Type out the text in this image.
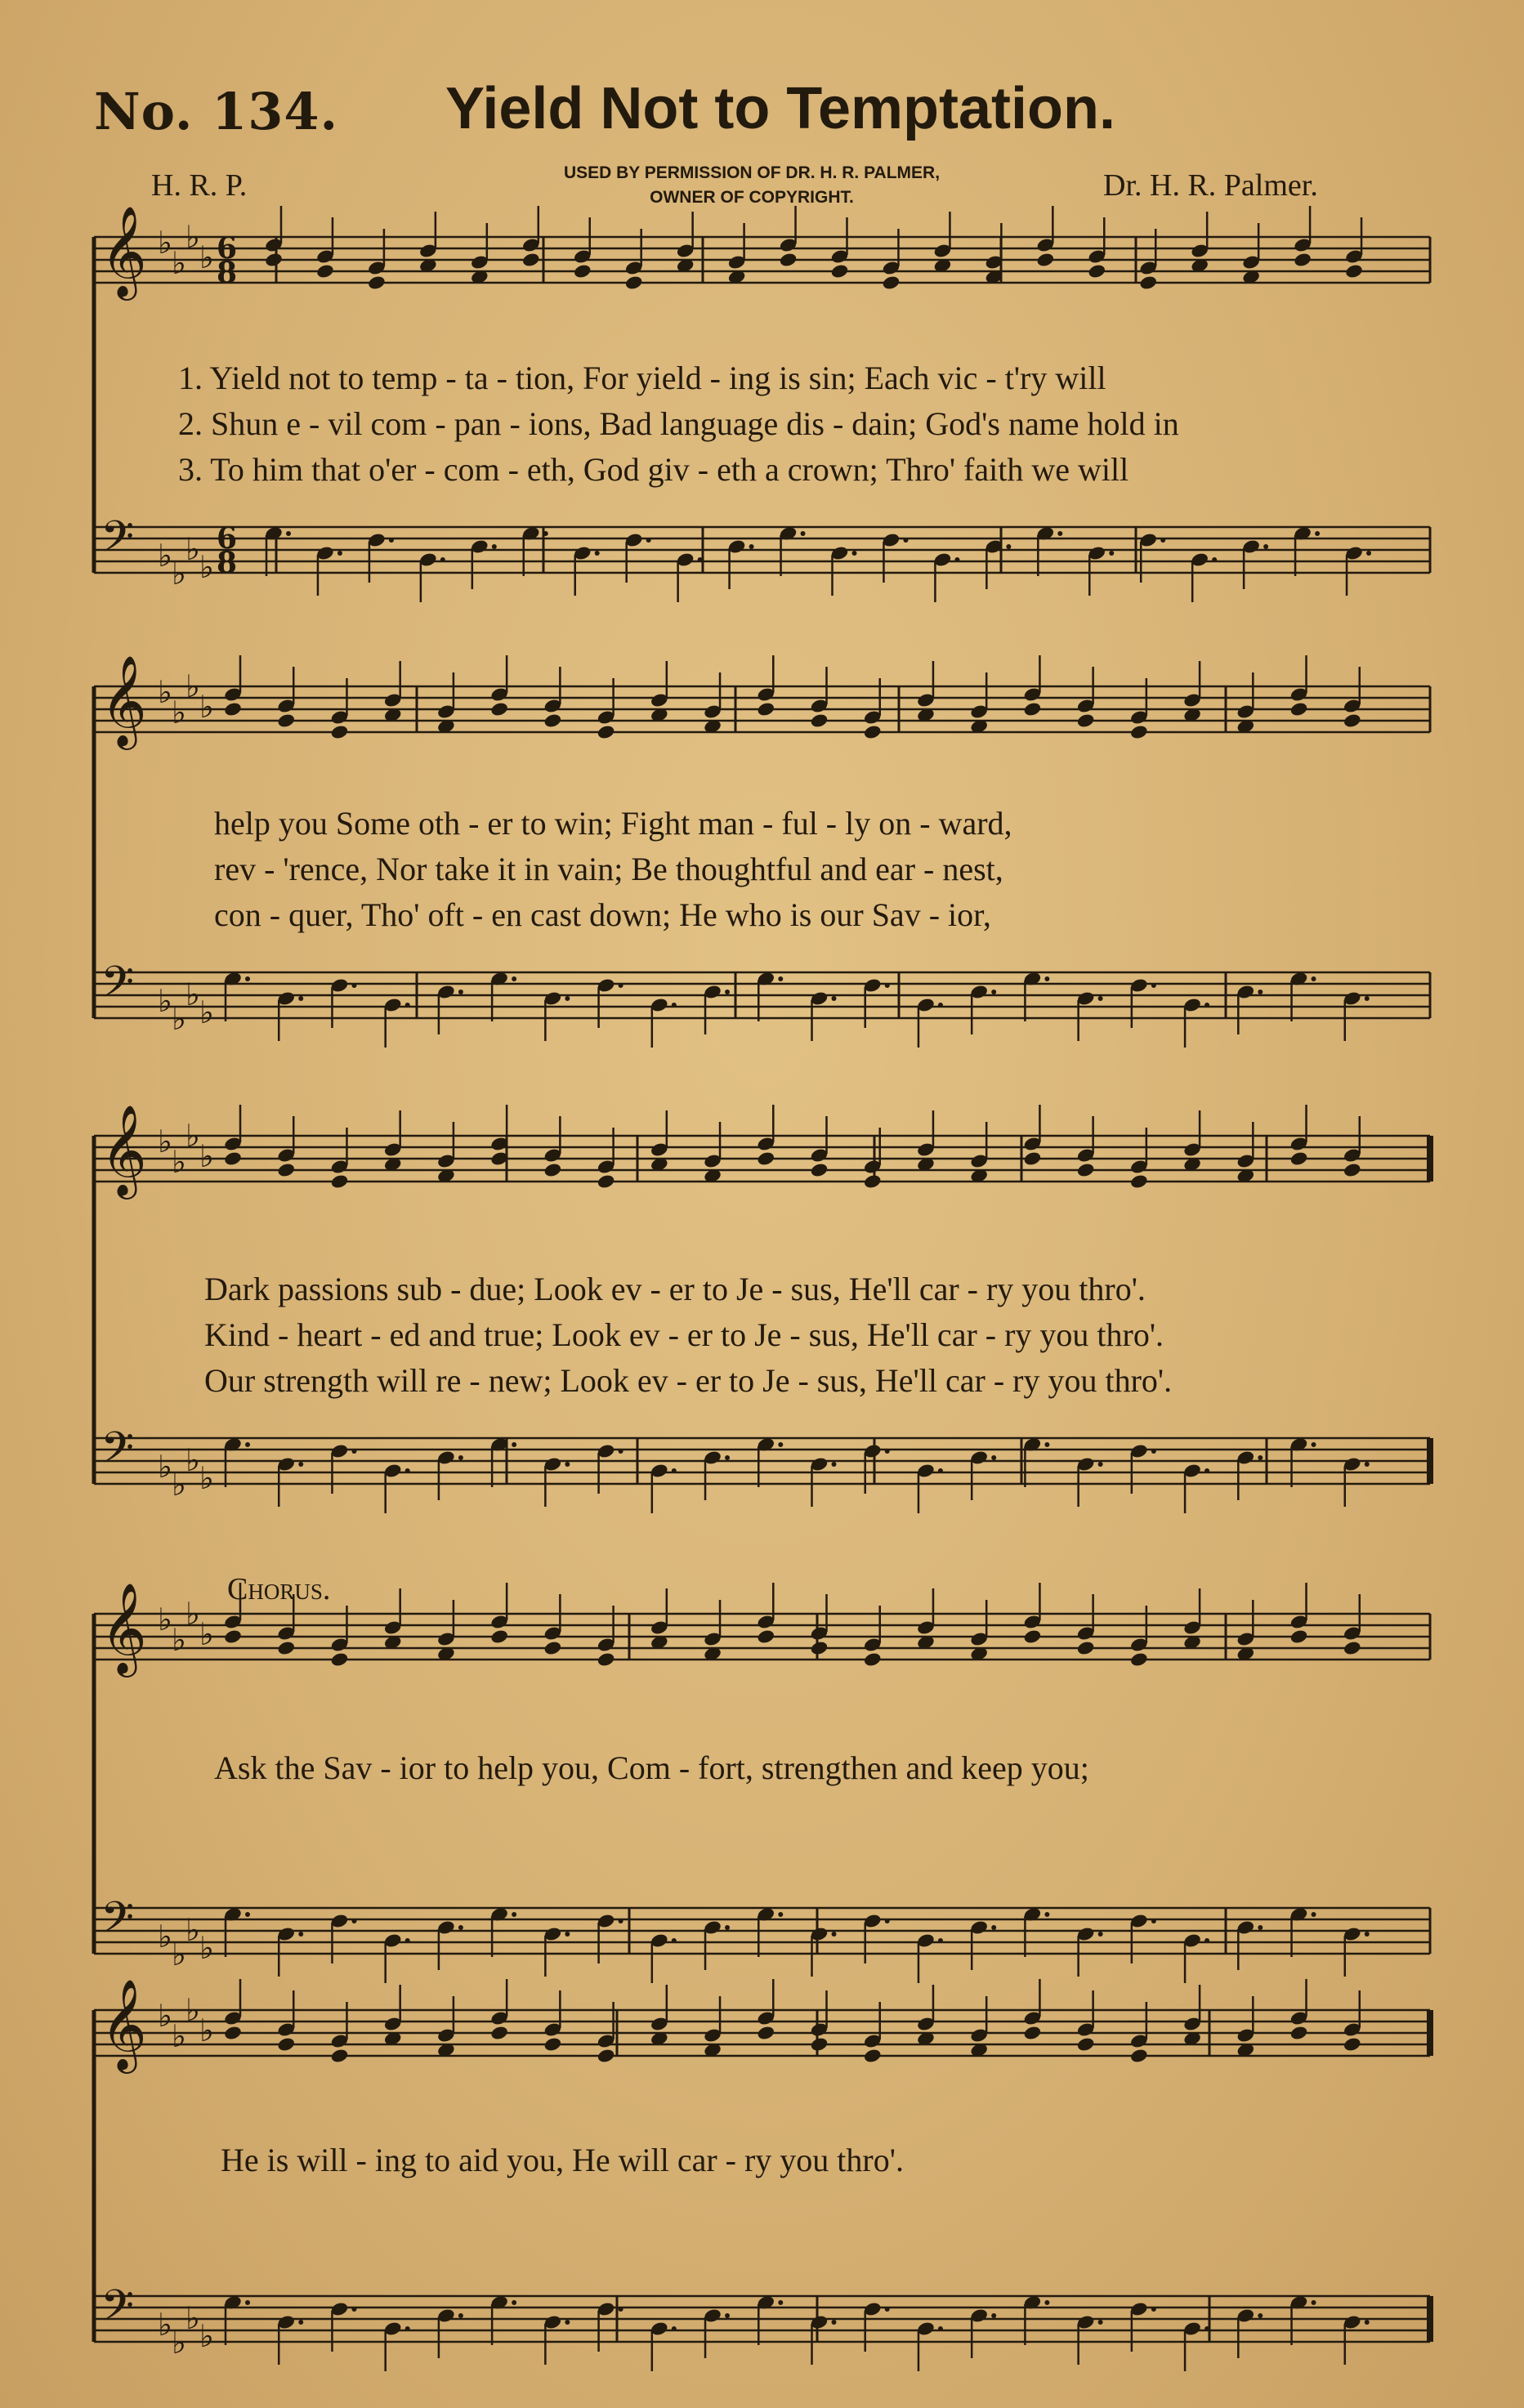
No. 134. Yield Not to Temptation.
H. R. P.	USED BY PERMISSION OF DR. H. R. PALMER,
OWNER OF COPYRIGHT.	Dr. H. R. Palmer.
𝄞 ♭
♭
♭
♭
𝄢 ♭ ♭
♭ ♭
6
8
6
8
𝄞 ♭
♭
♭
♭
𝄢 ♭ ♭
♭ ♭
𝄞 ♭
♭
♭
♭
𝄢 ♭ ♭
♭ ♭
𝄞 ♭
♭
♭
♭
𝄢 ♭ ♭
♭ ♭
𝄞 ♭
♭
♭
♭
𝄢 ♭ ♭
♭ ♭
1. Yield not to temp - ta - tion, For yield - ing is sin; Each vic - t'ry will
2. Shun e - vil com - pan - ions, Bad language dis - dain; God's name hold in
3. To him that o'er - com - eth, God giv - eth a crown; Thro' faith we will
help you Some oth - er to win; Fight man - ful - ly on - ward,
rev - 'rence, Nor take it in vain; Be thoughtful and ear - nest,
con - quer, Tho' oft - en cast down; He who is our Sav - ior,
Dark passions sub - due; Look ev - er to Je - sus, He'll car - ry you thro'.
Kind - heart - ed and true; Look ev - er to Je - sus, He'll car - ry you thro'.
Our strength will re - new; Look ev - er to Je - sus, He'll car - ry you thro'.
Chorus.
Ask the Sav - ior to help you, Com - fort, strengthen and keep you;
He is will - ing to aid you, He will car - ry you thro'.
